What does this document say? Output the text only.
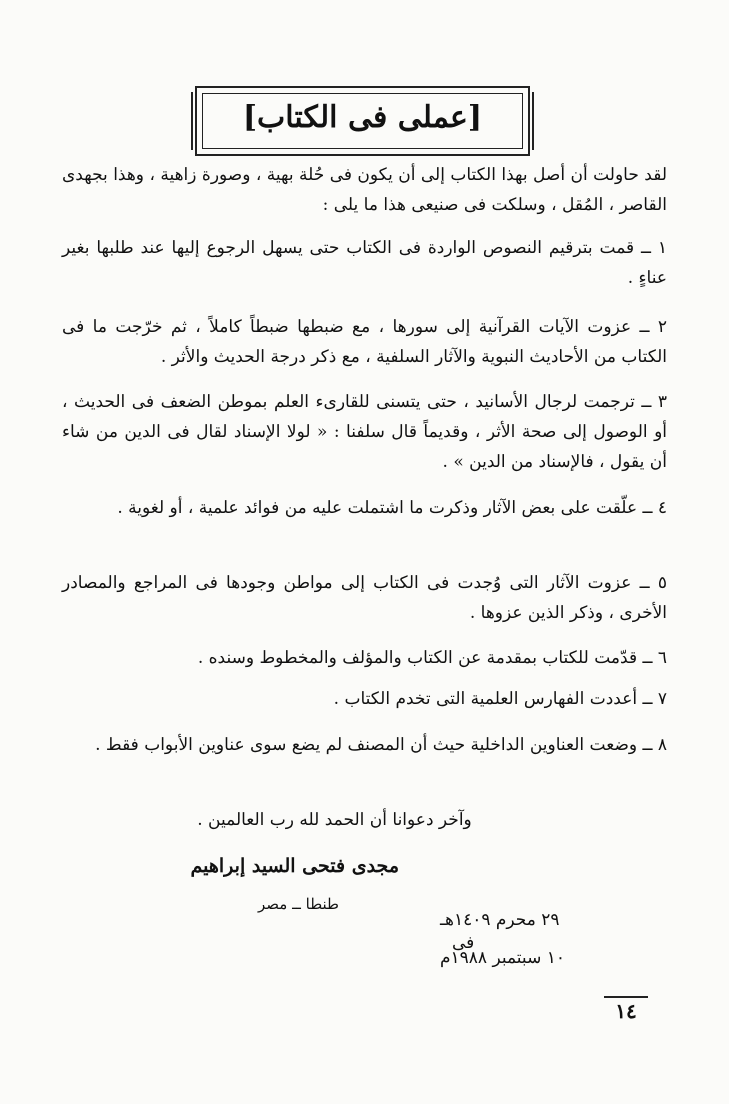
[عملى فى الكتاب]

لقد حاولت أن أصل بهذا الكتاب إلى أن يكون فى حُلة بهية ، وصورة زاهية ، وهذا بجهدى القاصر ، المُقل ، وسلكت فى صنيعى هذا ما يلى :

١ ــ قمت بترقيم النصوص الواردة فى الكتاب حتى يسهل الرجوع إليها عند طلبها بغير عناءٍ .

٢ ــ عزوت الآيات القرآنية إلى سورها ، مع ضبطها ضبطاً كاملاً ، ثم خرّجت ما فى الكتاب من الأحاديث النبوية والآثار السلفية ، مع ذكر درجة الحديث والأثر .

٣ ــ ترجمت لرجال الأسانيد ، حتى يتسنى للقارىء العلم بموطن الضعف فى الحديث ، أو الوصول إلى صحة الأثر ، وقديماً قال سلفنا : « لولا الإسناد لقال فى الدين من شاء أن يقول ، فالإسناد من الدين » .

٤ ــ علّقت على بعض الآثار وذكرت ما اشتملت عليه من فوائد علمية ، أو لغوية .

٥ ــ عزوت الآثار التى وُجدت فى الكتاب إلى مواطن وجودها فى المراجع والمصادر الأخرى ، وذكر الذين عزوها .

٦ ــ قدّمت للكتاب بمقدمة عن الكتاب والمؤلف والمخطوط وسنده .

٧ ــ أعددت الفهارس العلمية التى تخدم الكتاب .

٨ ــ وضعت العناوين الداخلية حيث أن المصنف لم يضع سوى عناوين الأبواب فقط .

وآخر دعوانا أن الحمد لله رب العالمين .
مجدى فتحى السيد إبراهيم
طنطا ــ مصر
فى
٢٩ محرم ١٤٠٩هـ
١٠ سبتمبر ١٩٨٨م
١٤
